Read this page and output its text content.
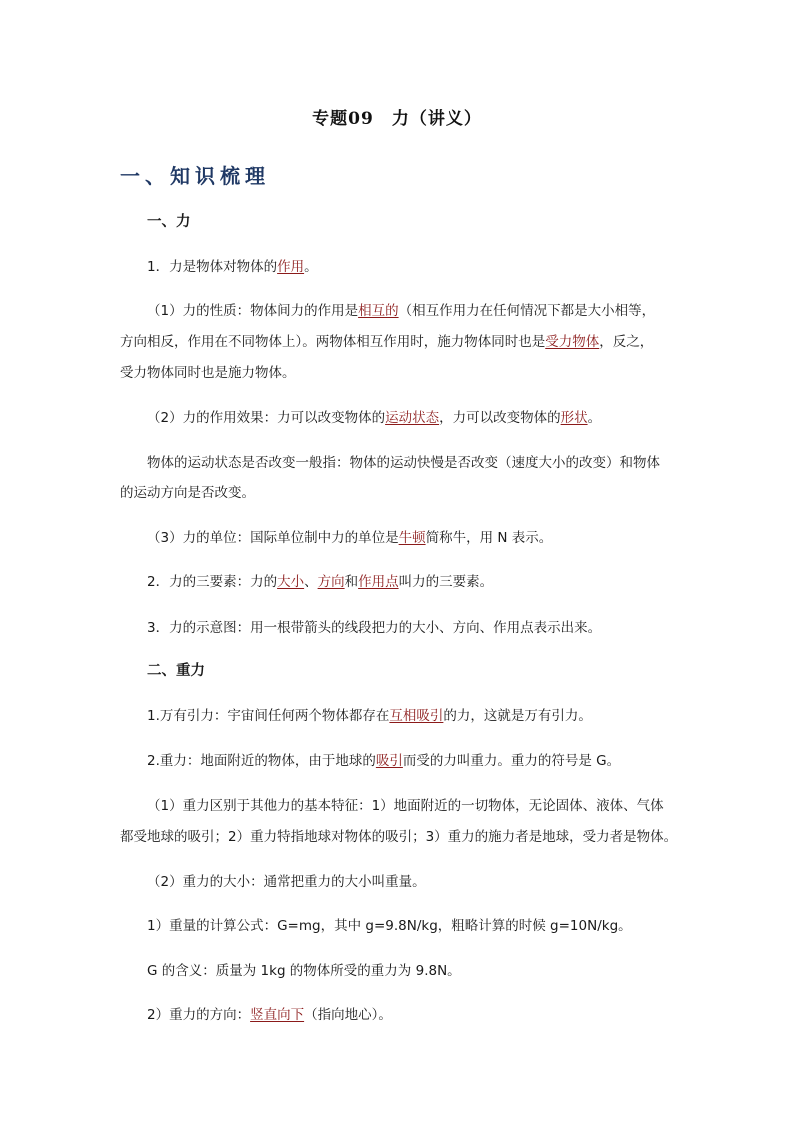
专题09　力（讲义）
一、知识梳理
一、力
1．力是物体对物体的作用。
（1）力的性质：物体间力的作用是相互的（相互作用力在任何情况下都是大小相等，
方向相反，作用在不同物体上）。两物体相互作用时，施力物体同时也是受力物体，反之，
受力物体同时也是施力物体。
（2）力的作用效果：力可以改变物体的运动状态，力可以改变物体的形状。
物体的运动状态是否改变一般指：物体的运动快慢是否改变（速度大小的改变）和物体
的运动方向是否改变。
（3）力的单位：国际单位制中力的单位是牛顿简称牛，用 N 表示。
2．力的三要素：力的大小、方向和作用点叫力的三要素。
3．力的示意图：用一根带箭头的线段把力的大小、方向、作用点表示出来。
二、重力
1.万有引力：宇宙间任何两个物体都存在互相吸引的力，这就是万有引力。
2.重力：地面附近的物体，由于地球的吸引而受的力叫重力。重力的符号是 G。
（1）重力区别于其他力的基本特征：1）地面附近的一切物体，无论固体、液体、气体
都受地球的吸引；2）重力特指地球对物体的吸引；3）重力的施力者是地球，受力者是物体。
（2）重力的大小：通常把重力的大小叫重量。
1）重量的计算公式：G=mg，其中 g=9.8N/kg，粗略计算的时候 g=10N/kg。
G 的含义：质量为 1kg 的物体所受的重力为 9.8N。
2）重力的方向：竖直向下（指向地心）。
